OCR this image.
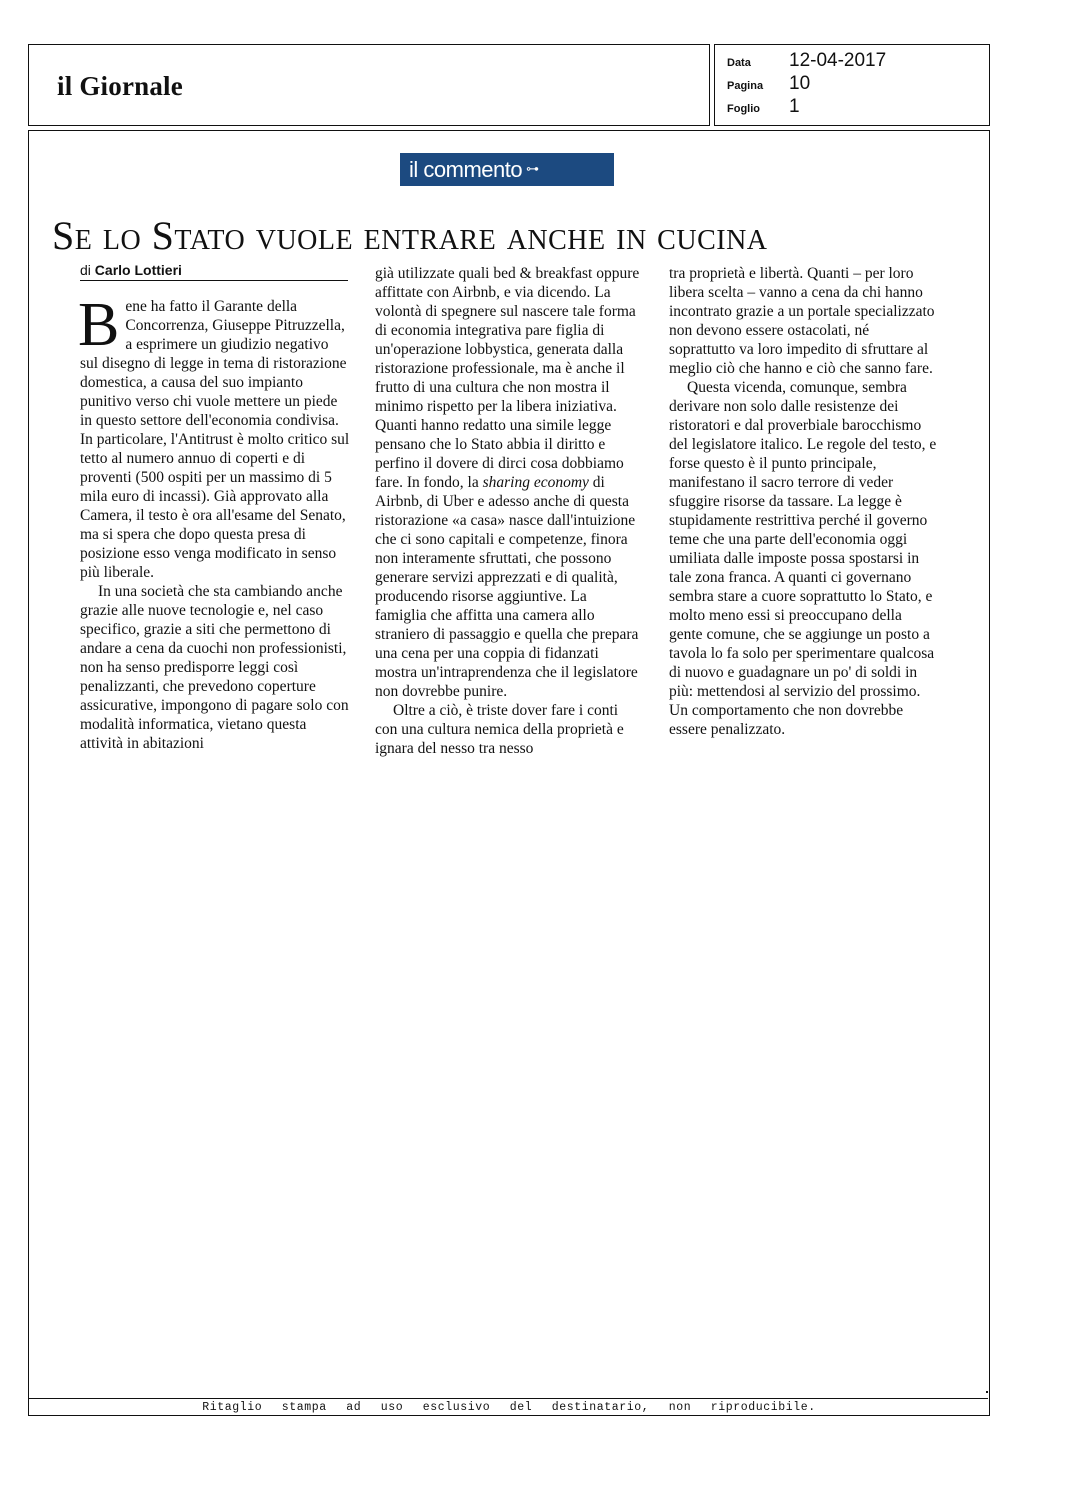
il Giornale
Data	12-04-2017
Pagina	10
Foglio	1
il commento ⊶
Se lo Stato vuole entrare anche in cucina
di Carlo Lottieri

Bene ha fatto il Garante della Concorrenza, Giuseppe Pitruzzella, a esprimere un giudizio negativo sul disegno di legge in tema di ristorazione domestica, a causa del suo impianto punitivo verso chi vuole mettere un piede in questo settore dell'economia condivisa. In particolare, l'Antitrust è molto critico sul tetto al numero annuo di coperti e di proventi (500 ospiti per un massimo di 5 mila euro di incassi). Già approvato alla Camera, il testo è ora all'esame del Senato, ma si spera che dopo questa presa di posizione esso venga modificato in senso più liberale.

In una società che sta cambiando anche grazie alle nuove tecnologie e, nel caso specifico, grazie a siti che permettono di andare a cena da cuochi non professionisti, non ha senso predisporre leggi così penalizzanti, che prevedono coperture assicurative, impongono di pagare solo con modalità informatica, vietano questa attività in abitazioni

già utilizzate quali bed & breakfast oppure affittate con Airbnb, e via dicendo. La volontà di spegnere sul nascere tale forma di economia integrativa pare figlia di un'operazione lobbystica, generata dalla ristorazione professionale, ma è anche il frutto di una cultura che non mostra il minimo rispetto per la libera iniziativa. Quanti hanno redatto una simile legge pensano che lo Stato abbia il diritto e perfino il dovere di dirci cosa dobbiamo fare. In fondo, la sharing economy di Airbnb, di Uber e adesso anche di questa ristorazione «a casa» nasce dall'intuizione che ci sono capitali e competenze, finora non interamente sfruttati, che possono generare servizi apprezzati e di qualità, producendo risorse aggiuntive. La famiglia che affitta una camera allo straniero di passaggio e quella che prepara una cena per una coppia di fidanzati mostra un'intraprendenza che il legislatore non dovrebbe punire.

Oltre a ciò, è triste dover fare i conti con una cultura nemica della proprietà e ignara del nesso tra nesso

tra proprietà e libertà. Quanti – per loro libera scelta – vanno a cena da chi hanno incontrato grazie a un portale specializzato non devono essere ostacolati, né soprattutto va loro impedito di sfruttare al meglio ciò che hanno e ciò che sanno fare.

Questa vicenda, comunque, sembra derivare non solo dalle resistenze dei ristoratori e dal proverbiale barocchismo del legislatore italico. Le regole del testo, e forse questo è il punto principale, manifestano il sacro terrore di veder sfuggire risorse da tassare. La legge è stupidamente restrittiva perché il governo teme che una parte dell'economia oggi umiliata dalle imposte possa spostarsi in tale zona franca. A quanti ci governano sembra stare a cuore soprattutto lo Stato, e molto meno essi si preoccupano della gente comune, che se aggiunge un posto a tavola lo fa solo per sperimentare qualcosa di nuovo e guadagnare un po' di soldi in più: mettendosi al servizio del prossimo. Un comportamento che non dovrebbe essere penalizzato.

Ritaglio stampa ad uso esclusivo del destinatario, non riproducibile.
